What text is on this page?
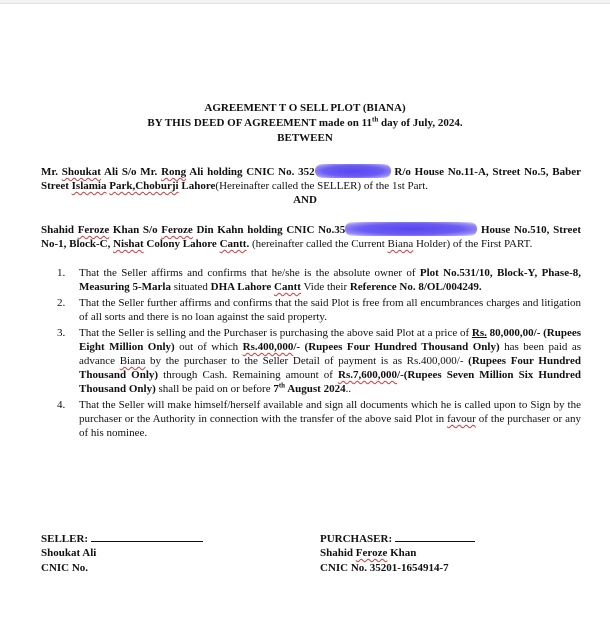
AGREEMENT T O SELL PLOT (BIANA)
BY THIS DEED OF AGREEMENT made on 11th day of July, 2024.
BETWEEN
Mr. Shoukat Ali S/o Mr. Rong Ali holding CNIC No. 352	R/o House No.11-A, Street No.5, Baber Street Islamia Park,Choburji Lahore(Hereinafter called the SELLER) of the 1st Part.
AND
Shahid Feroze Khan S/o Feroze Din Kahn holding CNIC No.35	House No.510, Street No-1, Block-C, Nishat Colony Lahore Cantt. (hereinafter called the Current Biana Holder) of the First PART.
1. That the Seller affirms and confirms that he/she is the absolute owner of Plot No.531/10, Block-Y, Phase-8, Measuring 5-Marla situated DHA Lahore Cantt Vide their Reference No. 8/OL/004249.
2. That the Seller further affirms and confirms that the said Plot is free from all encumbrances charges and litigation of all sorts and there is no loan against the said property.
3. That the Seller is selling and the Purchaser is purchasing the above said Plot at a price of Rs. 80,000,00/- (Rupees Eight Million Only) out of which Rs.400,000/- (Rupees Four Hundred Thousand Only) has been paid as advance Biana by the purchaser to the Seller Detail of payment is as Rs.400,000/- (Rupees Four Hundred Thousand Only) through Cash. Remaining amount of Rs.7,600,000/-(Rupees Seven Million Six Hundred Thousand Only) shall be paid on or before 7th August 2024..
4. That the Seller will make himself/herself available and sign all documents which he is called upon to Sign by the purchaser or the Authority in connection with the transfer of the above said Plot in favour of the purchaser or any of his nominee.
SELLER:
Shoukat Ali
CNIC No.
PURCHASER:
Shahid Feroze Khan
CNIC No. 35201-1654914-7
